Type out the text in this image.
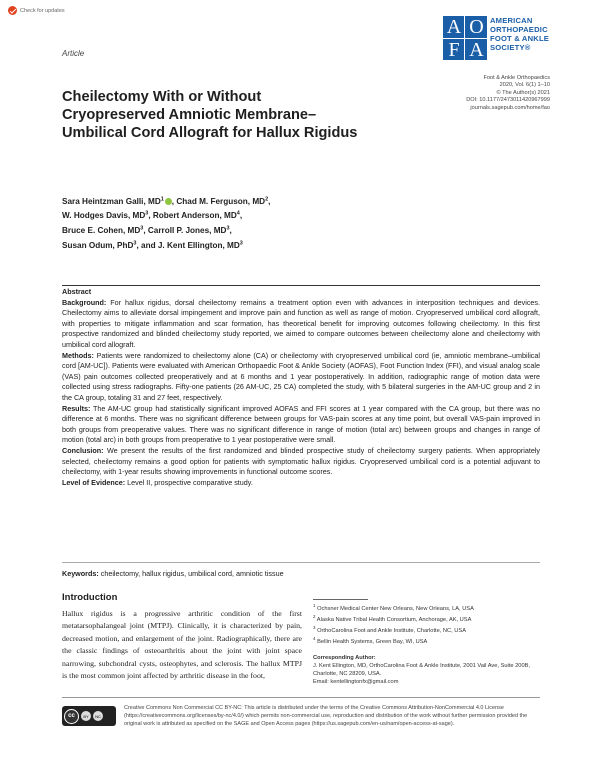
Check for updates
Article
A O
F A
AMERICAN
ORTHOPAEDIC
FOOT & ANKLE
SOCIETY®
Foot & Ankle Orthopaedics
2020, Vol. 6(1) 1–10
© The Author(s) 2021
DOI: 10.1177/2473011420967999
journals.sagepub.com/home/fao
Cheilectomy With or Without Cryopreserved Amniotic Membrane–Umbilical Cord Allograft for Hallux Rigidus
Sara Heintzman Galli, $MD^1$ , Chad M. Ferguson, $MD^2$,
W. Hodges Davis, $MD^3$, Robert Anderson, $MD^4$,
Bruce E. Cohen, $MD^3$, Carroll P. Jones, $MD^3$,
Susan Odum, PhD$^3$, and J. Kent Ellington, $MD^3$

Abstract

Background: For hallux rigidus, dorsal cheilectomy remains a treatment option even with advances in interposition techniques and devices. Cheilectomy aims to alleviate dorsal impingement and improve pain and function as well as range of motion. Cryopreserved umbilical cord allograft, with properties to mitigate inflammation and scar formation, has theoretical benefit for improving outcomes following cheilectomy. In this first prospective randomized and blinded cheilectomy study reported, we aimed to compare outcomes between cheilectomy alone and cheilectomy with umbilical cord allograft.

Methods: Patients were randomized to cheilectomy alone (CA) or cheilectomy with cryopreserved umbilical cord (ie, amniotic membrane–umbilical cord [AM-UC]). Patients were evaluated with American Orthopaedic Foot & Ankle Society (AOFAS), Foot Function Index (FFI), and visual analog scale (VAS) pain outcomes collected preoperatively and at 6 months and 1 year postoperatively. In addition, radiographic range of motion data were collected using stress radiographs. Fifty-one patients (26 AM-UC, 25 CA) completed the study, with 5 bilateral surgeries in the AM-UC group and 2 in the CA group, totaling 31 and 27 feet, respectively.

Results: The AM-UC group had statistically significant improved AOFAS and FFI scores at 1 year compared with the CA group, but there was no difference at 6 months. There was no significant difference between groups for VAS-pain scores at any time point, but overall VAS-pain improved in both groups from preoperative values. There was no significant difference in range of motion (total arc) between groups and changes in range of motion (total arc) in both groups from preoperative to 1 year postoperative were small.

Conclusion: We present the results of the first randomized and blinded prospective study of cheilectomy surgery patients. When appropriately selected, cheilectomy remains a good option for patients with symptomatic hallux rigidus. Cryopreserved umbilical cord is a potential adjuvant to cheilectomy, with 1-year results showing improvements in functional outcome scores.

Level of Evidence: Level II, prospective comparative study.

Keywords: cheilectomy, hallux rigidus, umbilical cord, amniotic tissue
Introduction
Hallux rigidus is a progressive arthritic condition of the first metatarsophalangeal joint (MTPJ). Clinically, it is characterized by pain, decreased motion, and enlargement of the joint. Radiographically, there are the classic findings of osteoarthritis about the joint with joint space narrowing, subchondral cysts, osteophytes, and sclerosis. The hallux MTPJ is the most common joint affected by arthritic disease in the foot,
$^1$ Ochsner Medical Center New Orleans, New Orleans, LA, USA
$^2$ Alaska Native Tribal Health Consortium, Anchorage, AK, USA
$^3$ OrthoCarolina Foot and Ankle Institute, Charlotte, NC, USA
$^4$ Bellin Health Systems, Green Bay, WI, USA
Corresponding Author:
J. Kent Ellington, MD, OrthoCarolina Foot & Ankle Institute, 2001 Vail Ave, Suite 200B, Charlotte, NC 28209, USA.
Email: kentellingtonfx@gmail.com
cc	BY	NC
Creative Commons Non Commercial CC BY-NC: This article is distributed under the terms of the Creative Commons Attribution-NonCommercial 4.0 License (https://creativecommons.org/licenses/by-nc/4.0/) which permits non-commercial use, reproduction and distribution of the work without further permission provided the original work is attributed as specified on the SAGE and Open Access pages (https://us.sagepub.com/en-us/nam/open-access-at-sage).
